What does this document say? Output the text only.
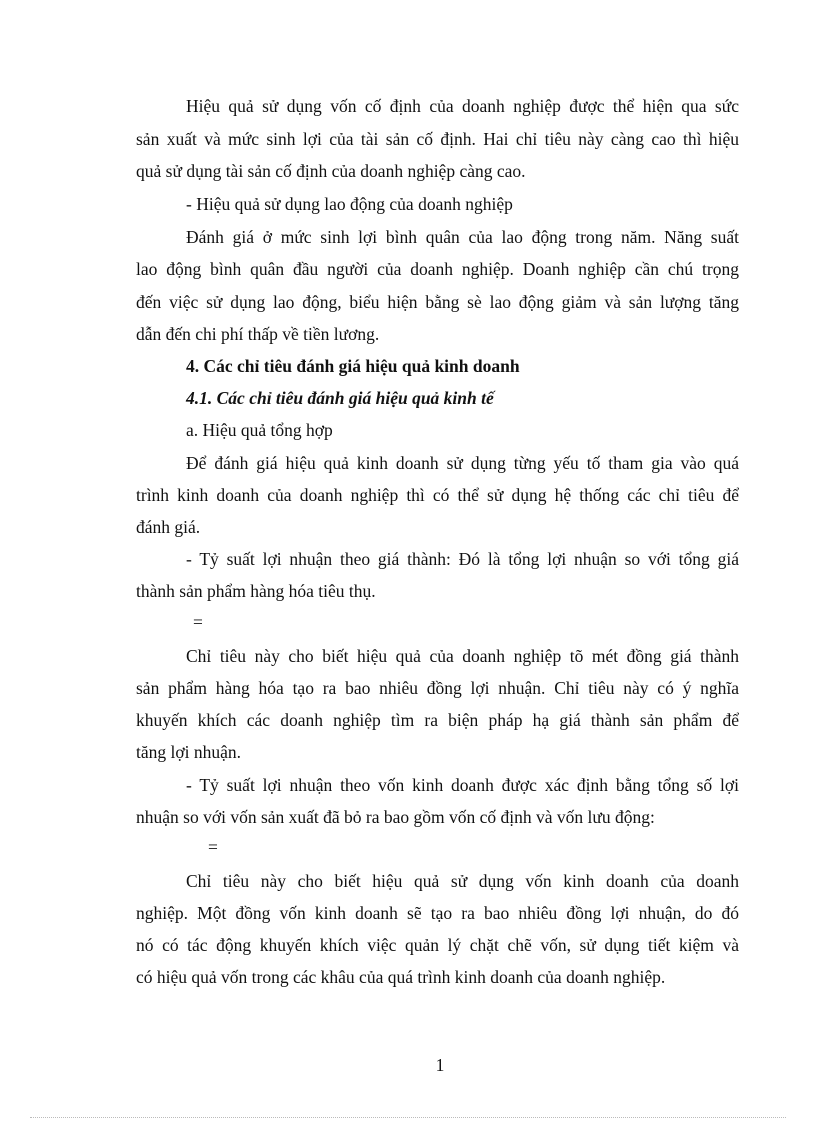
Hiệu quả sử dụng vốn cố định của doanh nghiệp được thể hiện qua sức

sản xuất và mức sinh lợi của tài sản cố định. Hai chỉ tiêu này càng cao thì hiệu

quả sử dụng tài sản cố định của doanh nghiệp càng cao.

- Hiệu quả sử dụng lao động của doanh nghiệp

Đánh giá ở mức sinh lợi bình quân của lao động trong năm. Năng suất

lao động bình quân đầu người của doanh nghiệp. Doanh nghiệp cần chú trọng

đến việc sử dụng lao động, biểu hiện bằng sè lao động giảm và sản lượng tăng

dẫn đến chi phí thấp về tiền lương.

4. Các chỉ tiêu đánh giá hiệu quả kinh doanh

4.1. Các chỉ tiêu đánh giá hiệu quả kinh tế

a. Hiệu quả tổng hợp

Để đánh giá hiệu quả kinh doanh sử dụng từng yếu tố tham gia vào quá

trình kinh doanh của doanh nghiệp thì có thể sử dụng hệ thống các chỉ tiêu để

đánh giá.

- Tỷ suất lợi nhuận theo giá thành: Đó là tổng lợi nhuận so với tổng giá

thành sản phẩm hàng hóa tiêu thụ.

=

Chỉ tiêu này cho biết hiệu quả của doanh nghiệp tõ mét đồng giá thành

sản phẩm hàng hóa tạo ra bao nhiêu đồng lợi nhuận. Chỉ tiêu này có ý nghĩa

khuyến khích các doanh nghiệp tìm ra biện pháp hạ giá thành sản phẩm để

tăng lợi nhuận.

- Tỷ suất lợi nhuận theo vốn kinh doanh được xác định bằng tổng số lợi

nhuận so với vốn sản xuất đã bỏ ra bao gồm vốn cố định và vốn lưu động:

=

Chỉ tiêu này cho biết hiệu quả sử dụng vốn kinh doanh của doanh

nghiệp. Một đồng vốn kinh doanh sẽ tạo ra bao nhiêu đồng lợi nhuận, do đó

nó có tác động khuyến khích việc quản lý chặt chẽ vốn, sử dụng tiết kiệm và

có hiệu quả vốn trong các khâu của quá trình kinh doanh của doanh nghiệp.

1
